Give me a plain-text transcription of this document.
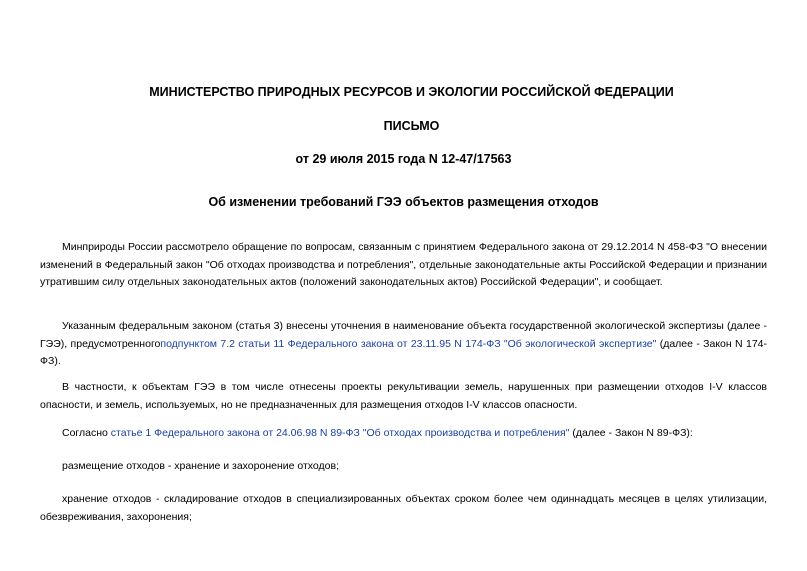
МИНИСТЕРСТВО ПРИРОДНЫХ РЕСУРСОВ И ЭКОЛОГИИ РОССИЙСКОЙ ФЕДЕРАЦИИ
ПИСЬМО
от 29 июля 2015 года N 12-47/17563
Об изменении требований ГЭЭ объектов размещения отходов

Минприроды России рассмотрело обращение по вопросам, связанным с принятием Федерального закона от 29.12.2014 N 458-ФЗ "О внесении изменений в Федеральный закон "Об отходах производства и потребления", отдельные законодательные акты Российской Федерации и признании утратившим силу отдельных законодательных актов (положений законодательных актов) Российской Федерации", и сообщает.

Указанным федеральным законом (статья 3) внесены уточнения в наименование объекта государственной экологической экспертизы (далее - ГЭЭ), предусмотренногоподпунктом 7.2 статьи 11 Федерального закона от 23.11.95 N 174-ФЗ "Об экологической экспертизе" (далее - Закон N 174-ФЗ).

В частности, к объектам ГЭЭ в том числе отнесены проекты рекультивации земель, нарушенных при размещении отходов I-V классов опасности, и земель, используемых, но не предназначенных для размещения отходов I-V классов опасности.

Согласно статье 1 Федерального закона от 24.06.98 N 89-ФЗ "Об отходах производства и потребления" (далее - Закон N 89-ФЗ):

размещение отходов - хранение и захоронение отходов;

хранение отходов - складирование отходов в специализированных объектах сроком более чем одиннадцать месяцев в целях утилизации, обезвреживания, захоронения;
